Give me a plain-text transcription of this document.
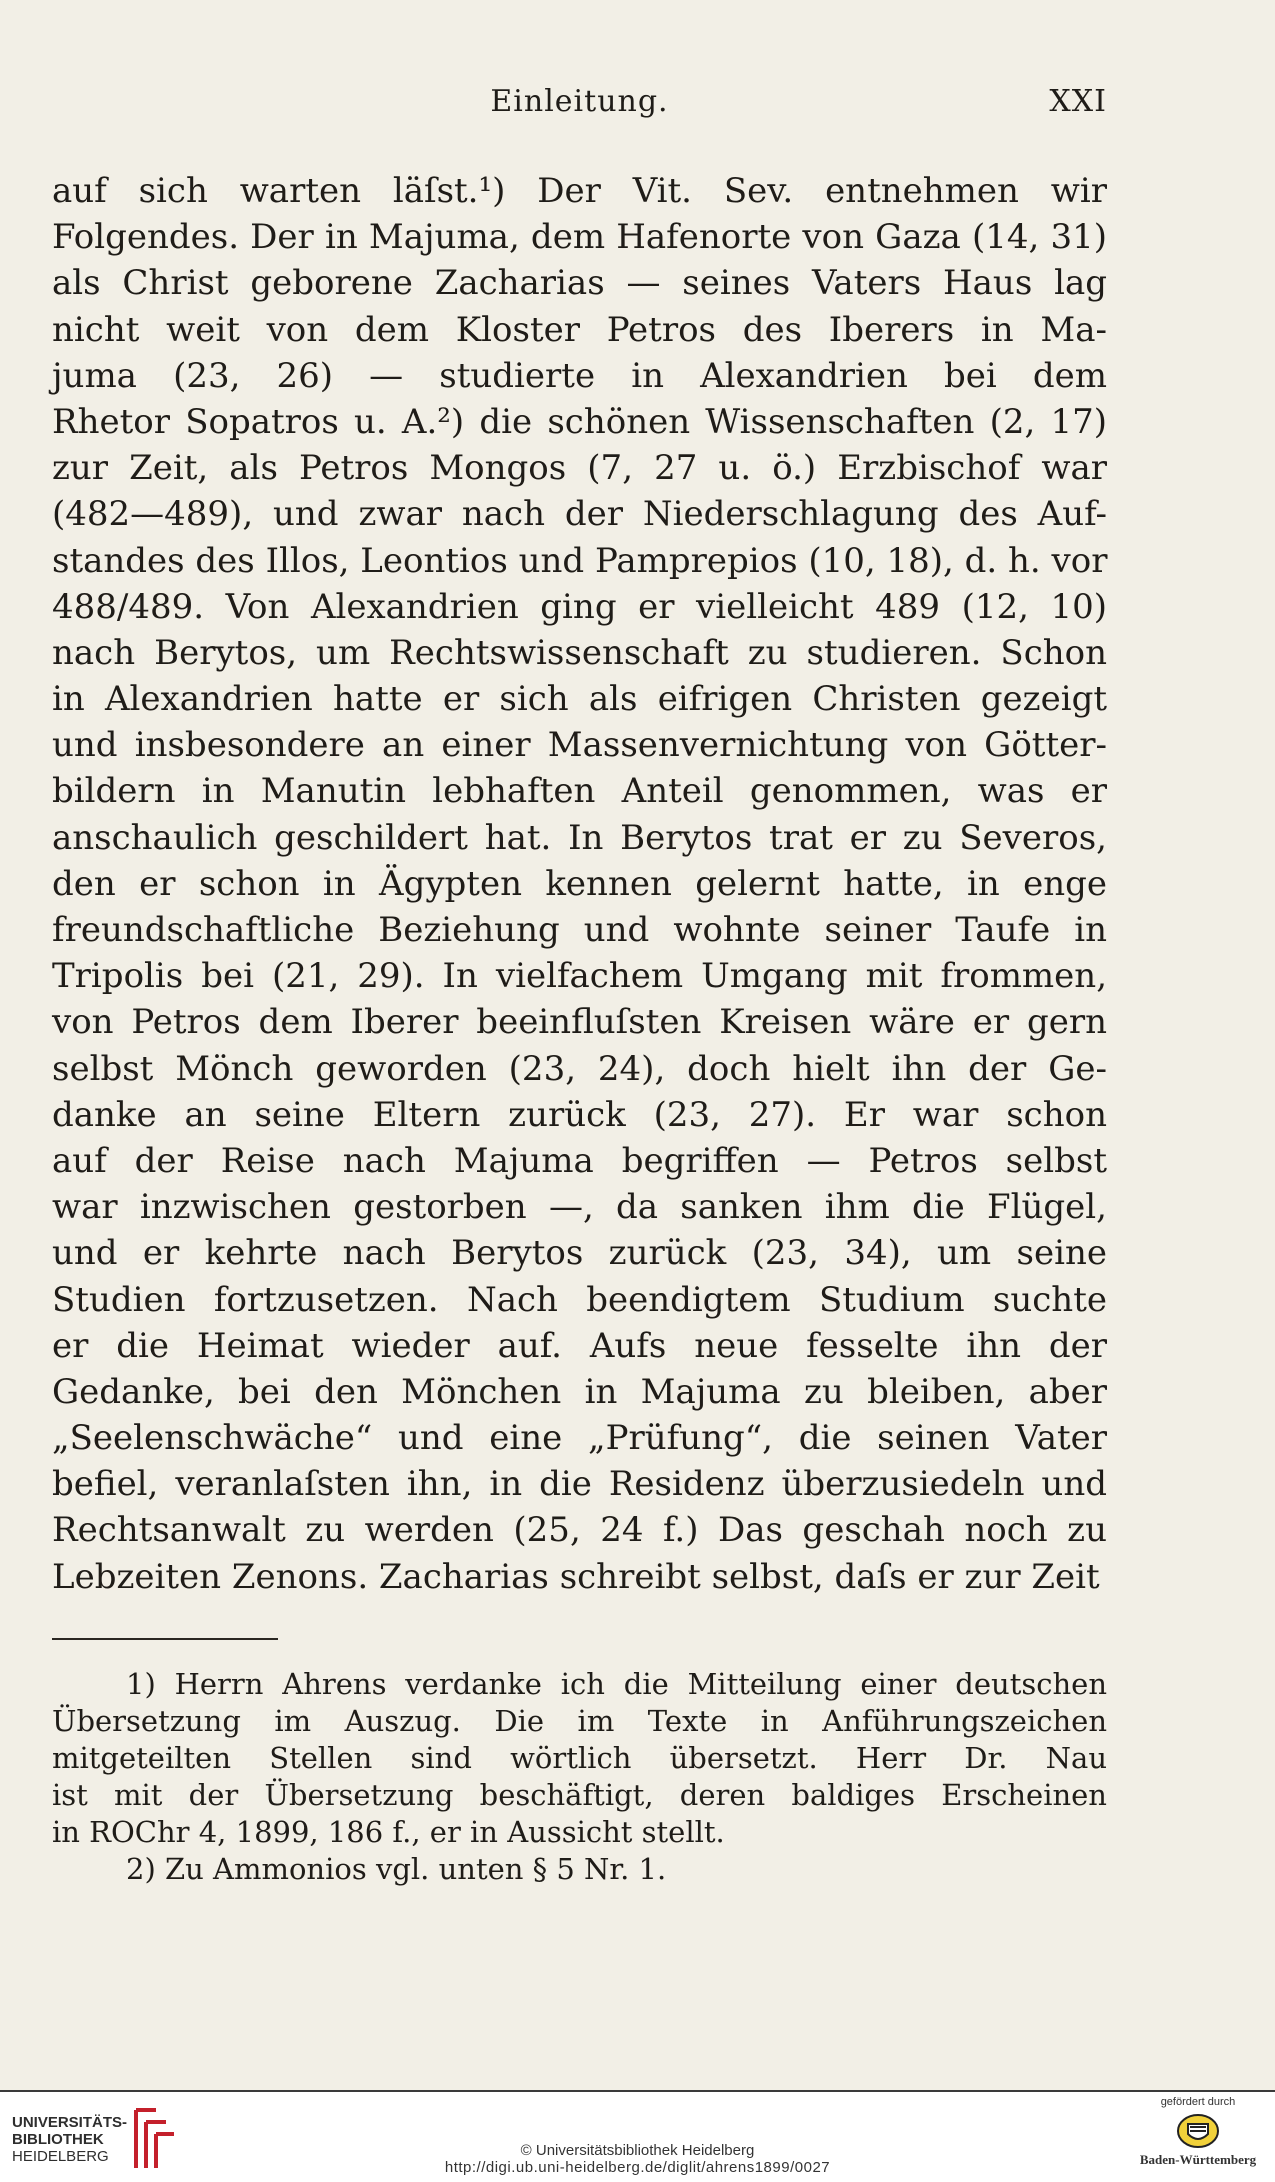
Einleitung.	XXI
auf sich warten läſst.¹) Der Vit. Sev. entnehmen wir
Folgendes. Der in Majuma, dem Hafenorte von Gaza (14, 31)
als Christ geborene Zacharias — seines Vaters Haus lag
nicht weit von dem Kloster Petros des Iberers in Ma-
juma (23, 26) — studierte in Alexandrien bei dem
Rhetor Sopatros u. A.²) die schönen Wissenschaften (2, 17)
zur Zeit, als Petros Mongos (7, 27 u. ö.) Erzbischof war
(482—489), und zwar nach der Niederschlagung des Auf-
standes des Illos, Leontios und Pamprepios (10, 18), d. h. vor
488/489. Von Alexandrien ging er vielleicht 489 (12, 10)
nach Berytos, um Rechtswissenschaft zu studieren. Schon
in Alexandrien hatte er sich als eifrigen Christen gezeigt
und insbesondere an einer Massenvernichtung von Götter-
bildern in Manutin lebhaften Anteil genommen, was er
anschaulich geschildert hat. In Berytos trat er zu Severos,
den er schon in Ägypten kennen gelernt hatte, in enge
freundschaftliche Beziehung und wohnte seiner Taufe in
Tripolis bei (21, 29). In vielfachem Umgang mit frommen,
von Petros dem Iberer beeinfluſsten Kreisen wäre er gern
selbst Mönch geworden (23, 24), doch hielt ihn der Ge-
danke an seine Eltern zurück (23, 27). Er war schon
auf der Reise nach Majuma begriffen — Petros selbst
war inzwischen gestorben —, da sanken ihm die Flügel,
und er kehrte nach Berytos zurück (23, 34), um seine
Studien fortzusetzen. Nach beendigtem Studium suchte
er die Heimat wieder auf. Aufs neue fesselte ihn der
Gedanke, bei den Mönchen in Majuma zu bleiben, aber
„Seelenschwäche“ und eine „Prüfung“, die seinen Vater
befiel, veranlaſsten ihn, in die Residenz überzusiedeln und
Rechtsanwalt zu werden (25, 24 f.) Das geschah noch zu
Lebzeiten Zenons. Zacharias schreibt selbst, daſs er zur Zeit
1) Herrn Ahrens verdanke ich die Mitteilung einer deutschen
Übersetzung im Auszug. Die im Texte in Anführungszeichen
mitgeteilten Stellen sind wörtlich übersetzt. Herr Dr. Nau
ist mit der Übersetzung beschäftigt, deren baldiges Erscheinen
in ROChr 4, 1899, 186 f., er in Aussicht stellt.
2) Zu Ammonios vgl. unten § 5 Nr. 1.
UNIVERSITÄTS-
BIBLIOTHEK
HEIDELBERG	© Universitätsbibliothek Heidelberg
http://digi.ub.uni-heidelberg.de/diglit/ahrens1899/0027
gefördert durch
Baden-Württemberg
